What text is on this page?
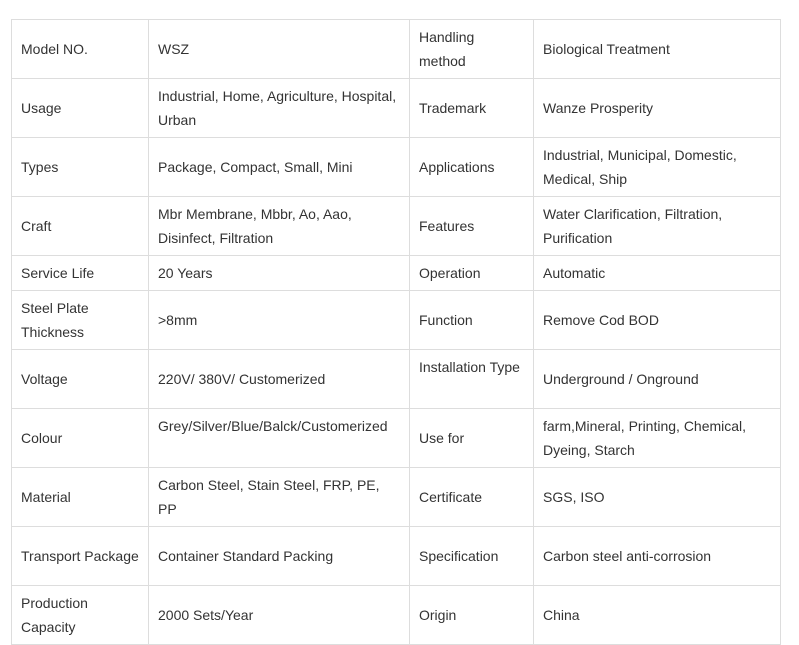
Model NO.	WSZ	Handling method	Biological Treatment
Usage	Industrial, Home, Agriculture, Hospital, Urban	Trademark	Wanze Prosperity
Types	Package, Compact, Small, Mini	Applications	Industrial, Municipal, Domestic, Medical, Ship
Craft	Mbr Membrane, Mbbr, Ao, Aao, Disinfect, Filtration	Features	Water Clarification, Filtration, Purification
Service Life	20 Years	Operation	Automatic
Steel Plate Thickness	>8mm	Function	Remove Cod BOD
Voltage	220V/ 380V/ Customerized	Installation Type	Underground / Onground
Colour	Grey/Silver/Blue/Balck/Customerized	Use for	farm,Mineral, Printing, Chemical, Dyeing, Starch
Material	Carbon Steel, Stain Steel, FRP, PE, PP	Certificate	SGS, ISO
Transport Package	Container Standard Packing	Specification	Carbon steel anti-corrosion
Production Capacity	2000 Sets/Year	Origin	China
